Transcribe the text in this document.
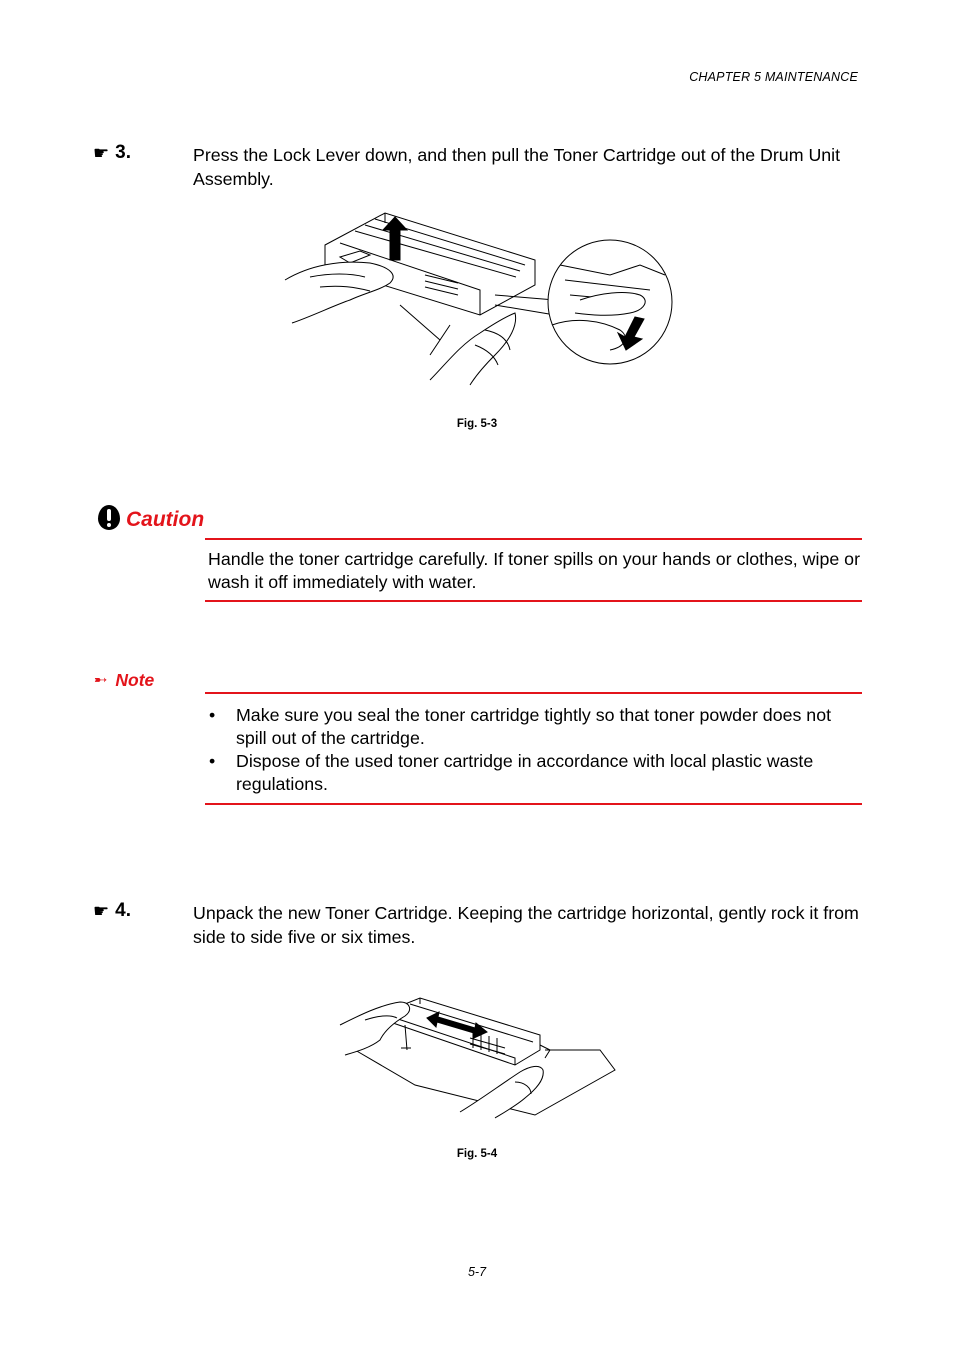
CHAPTER 5 MAINTENANCE
☛ 3.	Press the Lock Lever down, and then pull the Toner Cartridge out of the Drum Unit Assembly.
Fig. 5-3
Caution
Handle the toner cartridge carefully. If toner spills on your hands or clothes, wipe or wash it off immediately with water.
➸ Note
• Make sure you seal the toner cartridge tightly so that toner powder does not spill out of the cartridge.
• Dispose of the used toner cartridge in accordance with local plastic waste regulations.
☛ 4.	Unpack the new Toner Cartridge. Keeping the cartridge horizontal, gently rock it from side to side five or six times.
Fig. 5-4
5-7
